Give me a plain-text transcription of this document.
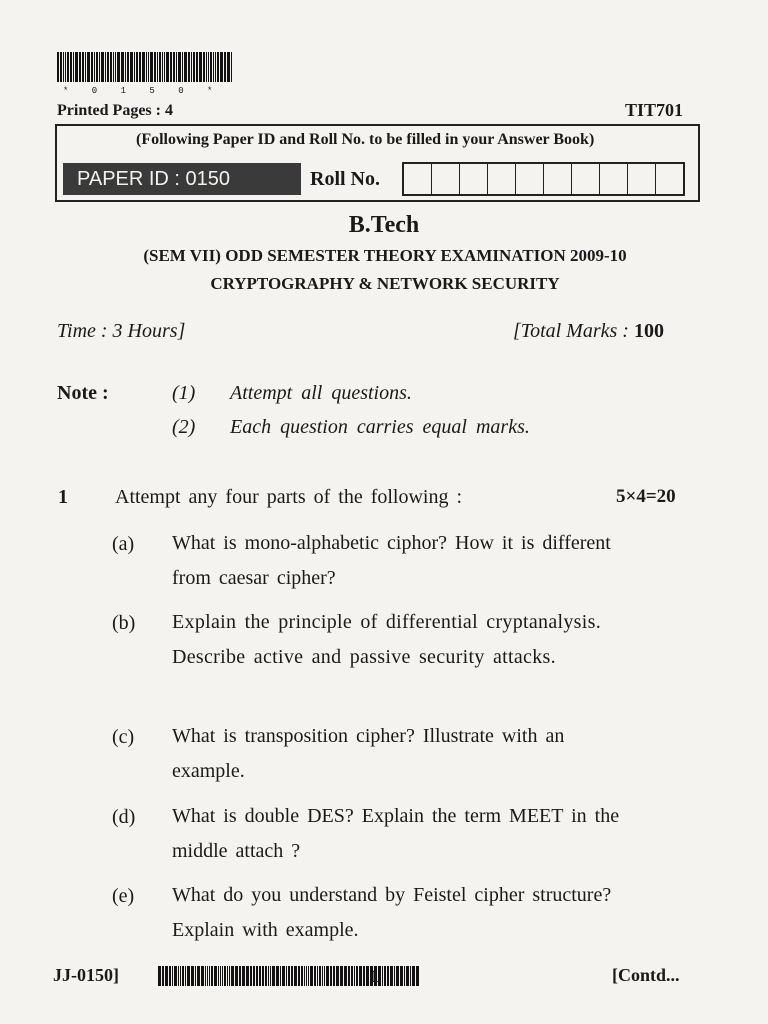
* 0 1 5 0 *
Printed Pages : 4	TIT701
(Following Paper ID and Roll No. to be filled in your Answer Book)
PAPER ID : 0150	Roll No.
B.Tech
(SEM VII) ODD SEMESTER THEORY EXAMINATION 2009-10
CRYPTOGRAPHY & NETWORK SECURITY
Time : 3 Hours]	[Total Marks : 100
Note :	(1) Attempt all questions.
(2) Each question carries equal marks.
1 Attempt any four parts of the following :	5×4=20
(a) What is mono-alphabetic ciphor? How it is different from caesar cipher?
(b) Explain the principle of differential cryptanalysis. Describe active and passive security attacks.
(c) What is transposition cipher? Illustrate with an example.
(d) What is double DES? Explain the term MEET in the middle attach ?
(e) What do you understand by Feistel cipher structure? Explain with example.
JJ-0150]	1	[Contd...
